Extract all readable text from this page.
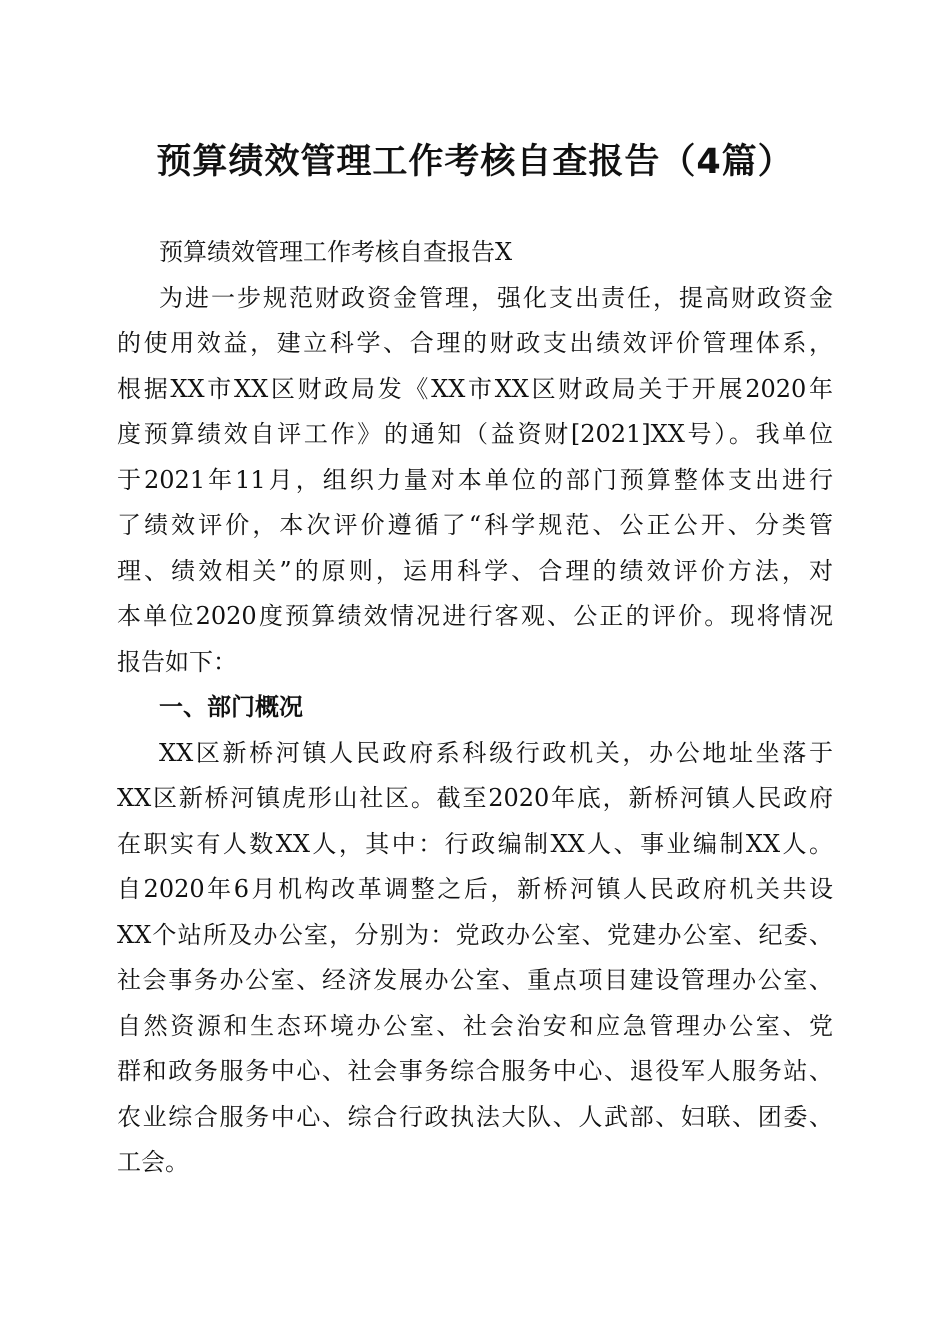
预算绩效管理工作考核自查报告（4篇）

预算绩效管理工作考核自查报告X

为进一步规范财政资金管理，强化支出责任，提高财政资金

的使用效益，建立科学、合理的财政支出绩效评价管理体系，

根据XX市XX区财政局发《XX市XX区财政局关于开展2020年

度预算绩效自评工作》的通知（益资财[2021]XX号）。我单位

于2021年11月，组织力量对本单位的部门预算整体支出进行

了绩效评价，本次评价遵循了“科学规范、公正公开、分类管

理、绩效相关”的原则，运用科学、合理的绩效评价方法，对

本单位2020度预算绩效情况进行客观、公正的评价。现将情况

报告如下：

一、部门概况

XX区新桥河镇人民政府系科级行政机关，办公地址坐落于

XX区新桥河镇虎形山社区。截至2020年底，新桥河镇人民政府

在职实有人数XX人，其中：行政编制XX人、事业编制XX人。

自2020年6月机构改革调整之后，新桥河镇人民政府机关共设

XX个站所及办公室，分别为：党政办公室、党建办公室、纪委、

社会事务办公室、经济发展办公室、重点项目建设管理办公室、

自然资源和生态环境办公室、社会治安和应急管理办公室、党

群和政务服务中心、社会事务综合服务中心、退役军人服务站、

农业综合服务中心、综合行政执法大队、人武部、妇联、团委、

工会。
